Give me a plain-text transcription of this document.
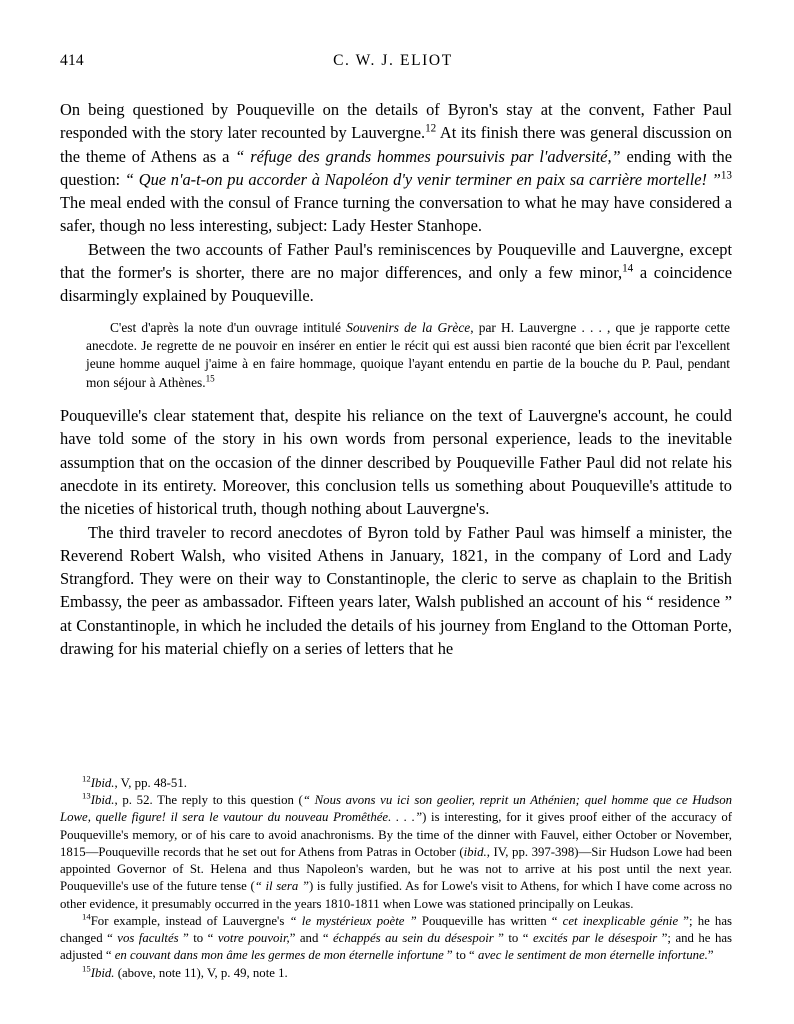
414	C. W. J. ELIOT

On being questioned by Pouqueville on the details of Byron's stay at the convent, Father Paul responded with the story later recounted by Lauvergne.$^{12}$ At its finish there was general discussion on the theme of Athens as a “ réfuge des grands hommes poursuivis par l'adversité,” ending with the question: “ Que n'a-t-on pu accorder à Napoléon d'y venir terminer en paix sa carrière mortelle! ”$^{13}$ The meal ended with the consul of France turning the conversation to what he may have considered a safer, though no less interesting, subject: Lady Hester Stanhope.

Between the two accounts of Father Paul's reminiscences by Pouqueville and Lauvergne, except that the former's is shorter, there are no major differences, and only a few minor,$^{14}$ a coincidence disarmingly explained by Pouqueville.

C'est d'après la note d'un ouvrage intitulé Souvenirs de la Grèce, par H. Lauvergne . . . , que je rapporte cette anecdote. Je regrette de ne pouvoir en insérer en entier le récit qui est aussi bien raconté que bien écrit par l'excellent jeune homme auquel j'aime à en faire hommage, quoique l'ayant entendu en partie de la bouche du P. Paul, pendant mon séjour à Athènes.$^{15}$

Pouqueville's clear statement that, despite his reliance on the text of Lauvergne's account, he could have told some of the story in his own words from personal experience, leads to the inevitable assumption that on the occasion of the dinner described by Pouqueville Father Paul did not relate his anecdote in its entirety. Moreover, this conclusion tells us something about Pouqueville's attitude to the niceties of historical truth, though nothing about Lauvergne's.

The third traveler to record anecdotes of Byron told by Father Paul was himself a minister, the Reverend Robert Walsh, who visited Athens in January, 1821, in the company of Lord and Lady Strangford. They were on their way to Constantinople, the cleric to serve as chaplain to the British Embassy, the peer as ambassador. Fifteen years later, Walsh published an account of his “ residence ” at Constantinople, in which he included the details of his journey from England to the Ottoman Porte, drawing for his material chiefly on a series of letters that he

$^{12}$Ibid., V, pp. 48-51.

$^{13}$Ibid., p. 52. The reply to this question (“ Nous avons vu ici son geolier, reprit un Athénien; quel homme que ce Hudson Lowe, quelle figure! il sera le vautour du nouveau Promêthée. . . .”) is interesting, for it gives proof either of the accuracy of Pouqueville's memory, or of his care to avoid anachronisms. By the time of the dinner with Fauvel, either October or November, 1815—Pouqueville records that he set out for Athens from Patras in October (ibid., IV, pp. 397-398)—Sir Hudson Lowe had been appointed Governor of St. Helena and thus Napoleon's warden, but he was not to arrive at his post until the next year. Pouqueville's use of the future tense (“ il sera ”) is fully justified. As for Lowe's visit to Athens, for which I have come across no other evidence, it presumably occurred in the years 1810-1811 when Lowe was stationed principally on Leukas.

$^{14}$For example, instead of Lauvergne's “ le mystérieux poète ” Pouqueville has written “ cet inexplicable génie ”; he has changed “ vos facultés ” to “ votre pouvoir,” and “ échappés au sein du désespoir ” to “ excités par le désespoir ”; and he has adjusted “ en couvant dans mon âme les germes de mon éternelle infortune ” to “ avec le sentiment de mon éternelle infortune.”

$^{15}$Ibid. (above, note 11), V, p. 49, note 1.
